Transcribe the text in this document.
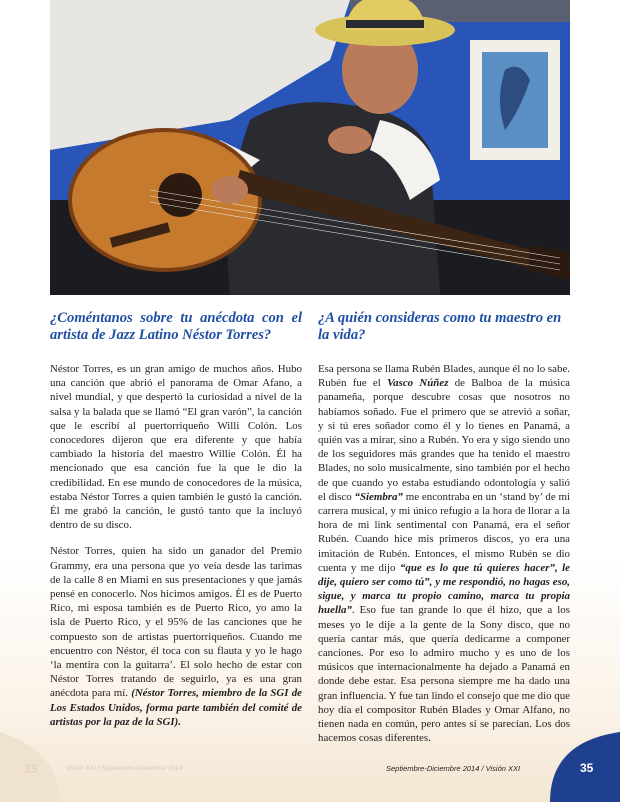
¿Coméntanos sobre tu anécdota con el artista de Jazz Latino Néstor Torres?
¿A quién consideras como tu maestro en la vida?

Néstor Torres, es un gran amigo de muchos años. Hubo una canción que abrió el panorama de Omar Afano, a nivel mundial, y que despertó la curiosidad a nivel de la salsa y la balada que se llamó “El gran varón”, la canción que le escribí al puertorriqueño Willi Colón. Los conocedores dijeron que era diferente y que había cambiado la historia del maestro Willie Colón. Él ha mencionado que esa canción fue la que le dio la credibilidad. En ese mundo de conocedores de la música, estaba Néstor Torres a quien también le gustó la canción. Él me grabó la canción, le gustó tanto que la incluyó dentro de su disco.

Néstor Torres, quien ha sido un ganador del Premio Grammy, era una persona que yo veía desde las tarimas de la calle 8 en Miami en sus presentaciones y que jamás pensé en conocerlo. Nos hicimos amigos. Él es de Puerto Rico, mi esposa también es de Puerto Rico, yo amo la isla de Puerto Rico, y el 95% de las canciones que he compuesto son de artistas puertorriqueños. Cuando me encuentro con Néstor, él toca con su flauta y yo le hago ‘la mentira con la guitarra’. El solo hecho de estar con Néstor Torres tratando de seguirlo, ya es una gran anécdota para mí. (Néstor Torres, miembro de la SGI de Los Estados Unidos, forma parte también del comité de artistas por la paz de la SGI).

Esa persona se llama Rubén Blades, aunque él no lo sabe. Rubén fue el Vasco Núñez de Balboa de la música panameña, porque descubre cosas que nosotros no habíamos soñado. Fue el primero que se atrevió a soñar, y si tú eres soñador como él y lo tienes en Panamá, a quién vas a mirar, sino a Rubén. Yo era y sigo siendo uno de los seguidores más grandes que ha tenido el maestro Blades, no solo musicalmente, sino también por el hecho de que cuando yo estaba estudiando odontología y salió el disco “Siembra” me encontraba en un ‘stand by’ de mi carrera musical, y mi único refugio a la hora de llorar a la hora de mi link sentimental con Panamá, era el señor Rubén. Cuando hice mis primeros discos, yo era una imitación de Rubén. Entonces, el mismo Rubén se dio cuenta y me dijo “que es lo que tú quieres hacer”, le dije, quiero ser como tú”, y me respondió, no hagas eso, sigue, y marca tu propio camino, marca tu propia huella”. Eso fue tan grande lo que él hizo, que a los meses yo le dije a la gente de la Sony disco, que no quería cantar más, que quería dedicarme a componer canciones. Por eso lo admiro mucho y es uno de los músicos que internacionalmente ha dejado a Panamá en donde debe estar. Esa persona siempre me ha dado una gran influencia. Y fue tan lindo el consejo que me dio que hoy día el compositor Rubén Blades y Omar Alfano, no tienen nada en común, pero antes sí se parecían. Los dos hacemos cosas diferentes.

35	Visión XXI / Septiembre-Diciembre 2014	Septiembre-Diciembre 2014 / Visión XXI	35
